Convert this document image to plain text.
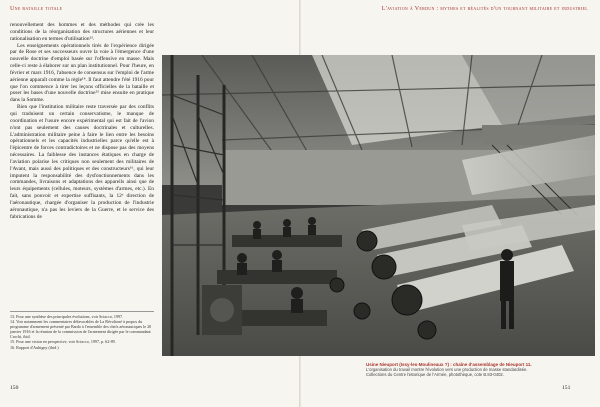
Une bataille totale	L'aviation à Verdun : mythes et réalités d'un tournant militaire et industriel

renouvellement des hommes et des méthodes qui crée les conditions de la réorganisation des structures aériennes et leur rationalisation en termes d'utilisation¹³.

Les enseignements opérationnels tirés de l'expérience dirigée par de Rose et ses successeurs ouvre la voie à l'émergence d'une nouvelle doctrine d'emploi basée sur l'offensive en masse. Mais celle-ci reste à élaborer sur un plan institutionnel. Pour l'heure, en février et mars 1916, l'absence de consensus sur l'emploi de l'arme aérienne apparaît comme la règle¹⁴. Il faut attendre l'été 1916 pour que l'on commence à tirer les leçons officielles de la bataille et poser les bases d'une nouvelle doctrine¹⁵ mise ensuite en pratique dans la Somme.

Bien que l'institution militaire reste traversée par des conflits qui traduisent un certain conservatisme, le manque de coordination et l'usure encore expérimental qui est fait de l'avion n'ont pas seulement des causes doctrinales et culturelles. L'administration militaire peine à faire le lien entre les besoins opérationnels et les capacités industrielles parce qu'elle est à l'épicentre de forces contradictoires et ne dispose pas des moyens nécessaires. La faiblesse des instances étatiques en charge de l'aviation polarise les critiques non seulement des militaires de l'Avant, mais aussi des politiques et des constructeurs¹⁶, qui leur imputent la responsabilité des dysfonctionnements dans les commandes, livraisons et adaptations des appareils ainsi que de leurs équipements (cellules, moteurs, systèmes d'armes, etc.). En fait, sans pouvoir et expertise suffisants, la 12ᵉ direction de l'aéronautique, chargée d'organiser la production de l'industrie aéronautique, n'a pas les leviers de la Guerre, et le service des fabrications de

13. Pour une synthèse des principales évolutions, voir Sciacco, 1997.
14. Voir notamment les commentaires défavorables de La Révoltoné à propos du programme d'armement présenté par Bardo à l'ensemble des chefs aéronautiques le 20 janvier 1916 et la réunion de la commission de l'armement dirigée par le commandant Crochi, ibid.
15. Pour une vision en perspective, voir Sciacco, 1997, p. 62-89.
16. Rapport d'Aubigny (ibid.)
150	151
Usine Nieuport (Issy-les-Moulineaux ?) : chaîne d'assemblage de Nieuport 11.
L'organisation du travail montre l'évolution vers une production de masse standardisée.
Collections du Centre historique de l'Armée, photothèque, cote B.83-0402.
